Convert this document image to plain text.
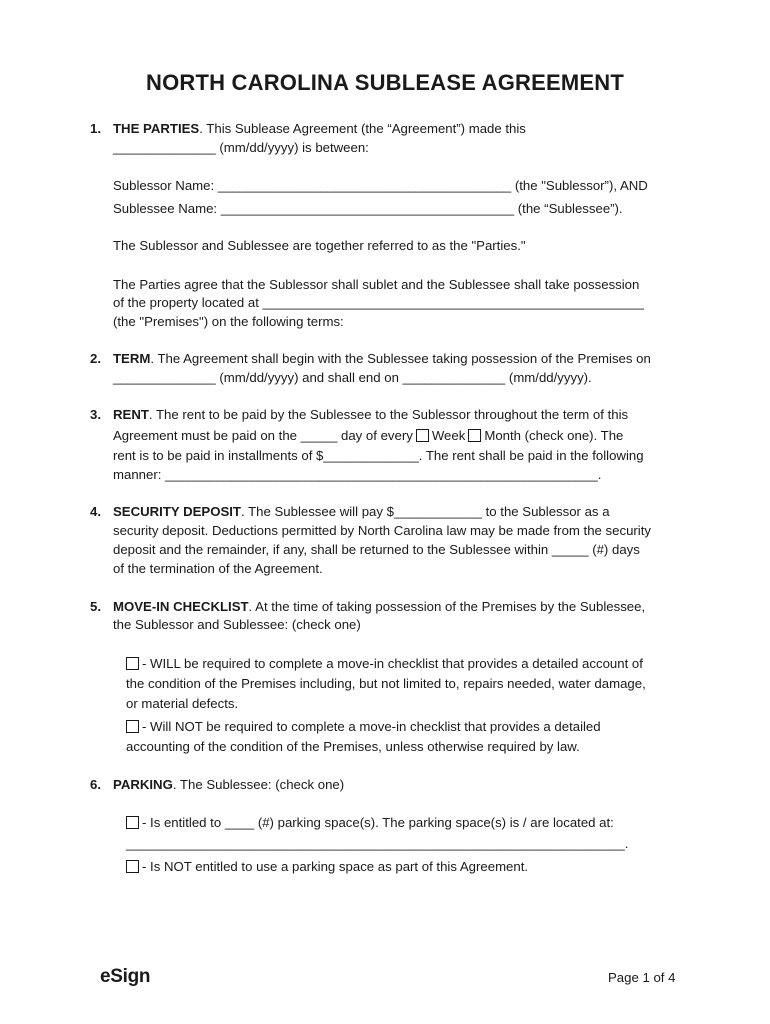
NORTH CAROLINA SUBLEASE AGREEMENT
1. THE PARTIES. This Sublease Agreement (the “Agreement”) made this
______________ (mm/dd/yyyy) is between:
Sublessor Name: ________________________________________ (the "Sublessor”), AND
Sublessee Name: ________________________________________ (the “Sublessee”).
The Sublessor and Sublessee are together referred to as the "Parties."
The Parties agree that the Sublessor shall sublet and the Sublessee shall take possession
of the property located at ____________________________________________________
(the "Premises") on the following terms:
2. TERM. The Agreement shall begin with the Sublessee taking possession of the Premises on
______________ (mm/dd/yyyy) and shall end on ______________ (mm/dd/yyyy).
3. RENT. The rent to be paid by the Sublessee to the Sublessor throughout the term of this
Agreement must be paid on the _____ day of every Week Month (check one). The
rent is to be paid in installments of $_____________. The rent shall be paid in the following
manner: ___________________________________________________________.
4. SECURITY DEPOSIT. The Sublessee will pay $____________ to the Sublessor as a
security deposit. Deductions permitted by North Carolina law may be made from the security
deposit and the remainder, if any, shall be returned to the Sublessee within _____ (#) days
of the termination of the Agreement.
5. MOVE-IN CHECKLIST. At the time of taking possession of the Premises by the Sublessee,
the Sublessor and Sublessee: (check one)
- WILL be required to complete a move-in checklist that provides a detailed account of
the condition of the Premises including, but not limited to, repairs needed, water damage,
or material defects.
- Will NOT be required to complete a move-in checklist that provides a detailed
accounting of the condition of the Premises, unless otherwise required by law.
6. PARKING. The Sublessee: (check one)
- Is entitled to ____ (#) parking space(s). The parking space(s) is / are located at:
____________________________________________________________________.
- Is NOT entitled to use a parking space as part of this Agreement.
eSign	Page 1 of 4
